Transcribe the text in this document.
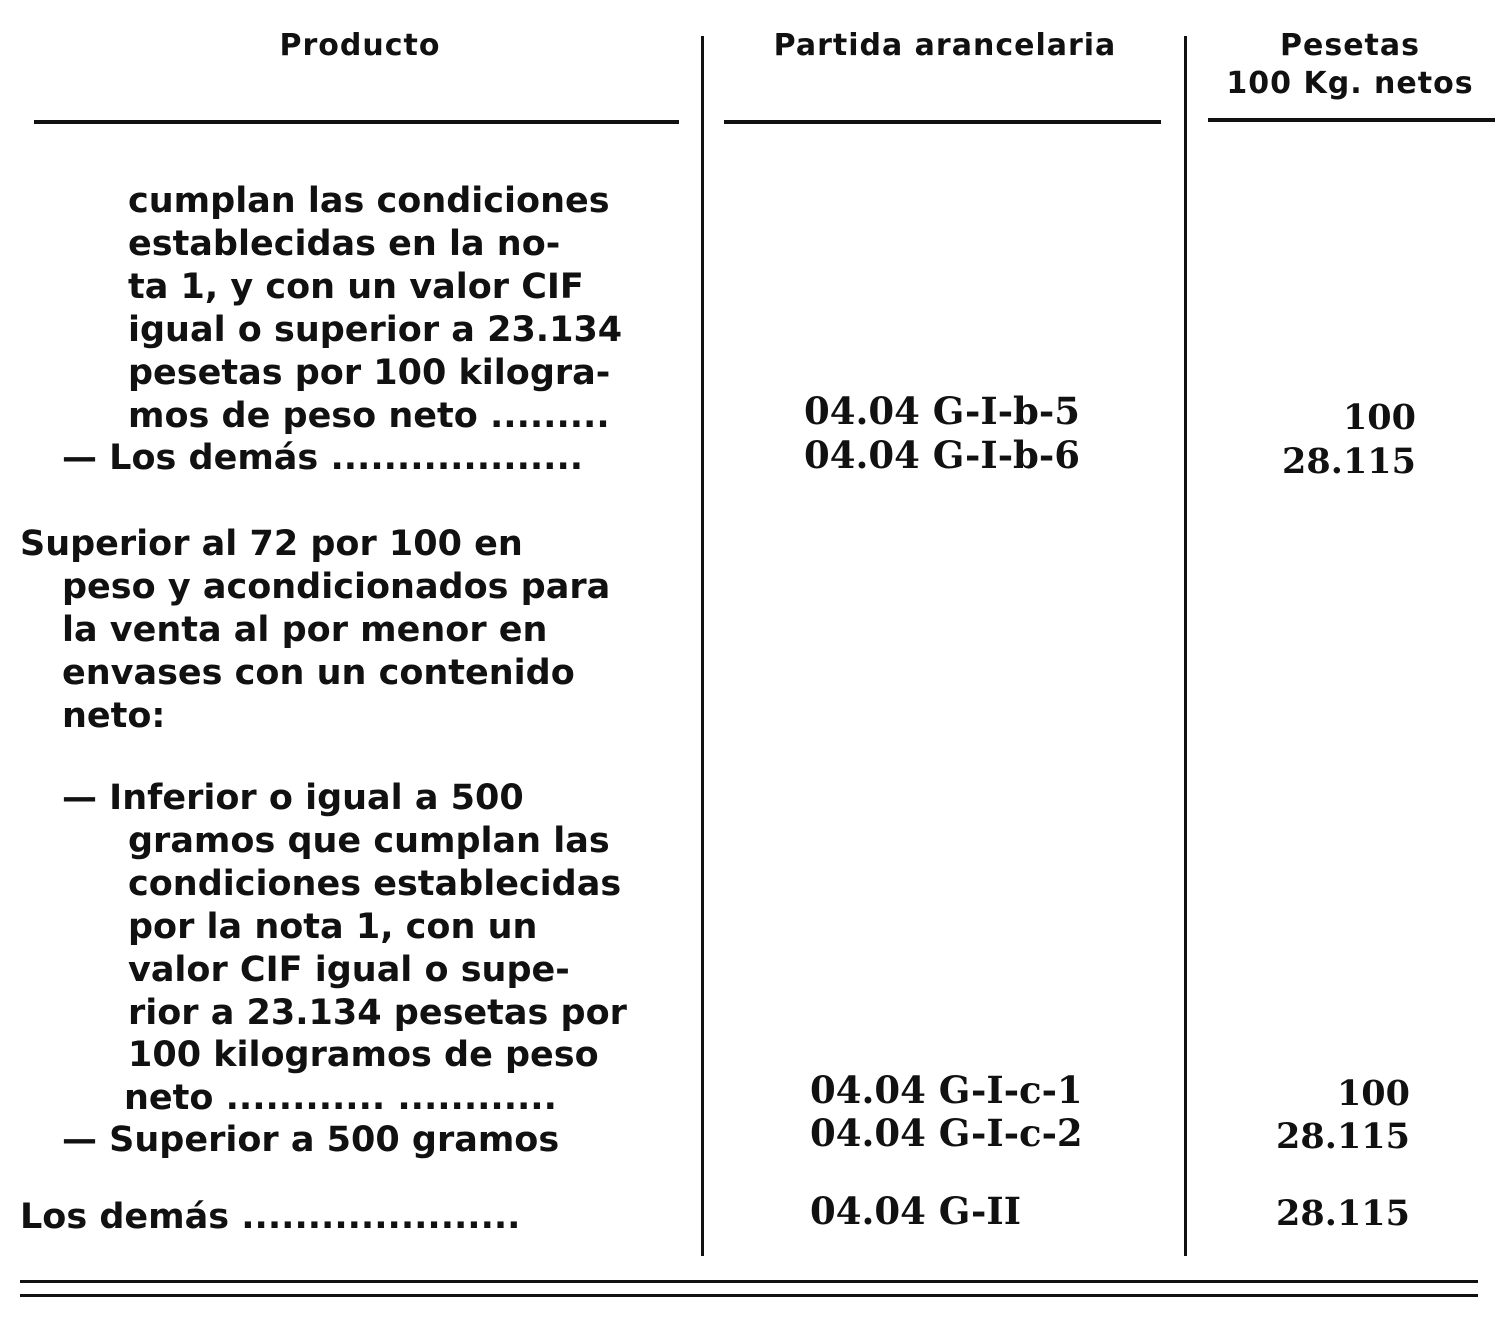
Producto	Partida arancelaria	Pesetas
100 Kg. netos
cumplan las condiciones
establecidas en la no-
ta 1, y con un valor CIF
igual o superior a 23.134
pesetas por 100 kilogra-
mos de peso neto .........
— Los demás ...................
Superior al 72 por 100 en
peso y acondicionados para
la venta al por menor en
envases con un contenido
neto:
— Inferior o igual a 500
gramos que cumplan las
condiciones establecidas
por la nota 1, con un
valor CIF igual o supe-
rior a 23.134 pesetas por
100 kilogramos de peso
neto ............ ............
— Superior a 500 gramos
Los demás .....................
04.04 G-I-b-5
04.04 G-I-b-6
04.04 G-I-c-1
04.04 G-I-c-2
04.04 G-II
100
28.115
100
28.115
28.115
